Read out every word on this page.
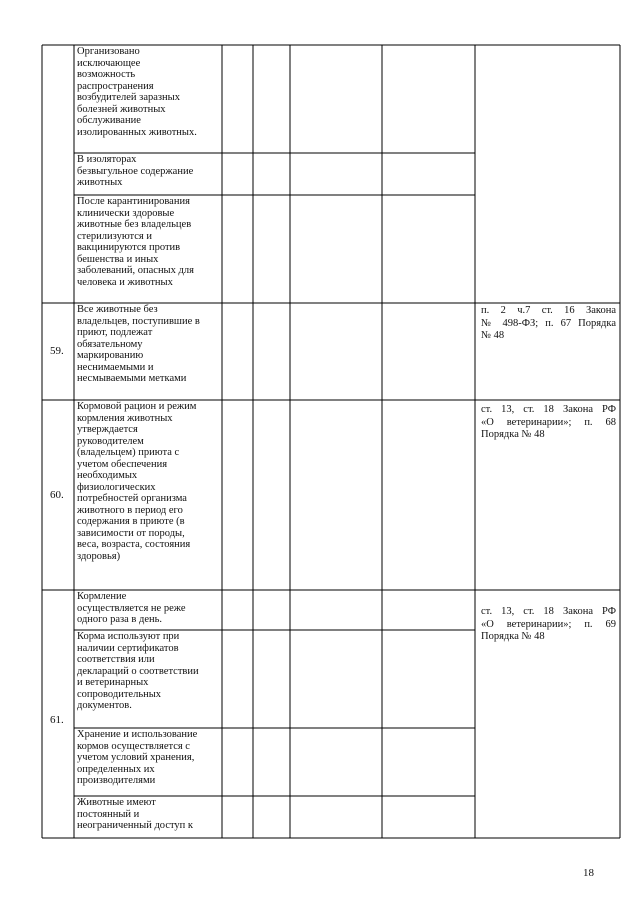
59.
60.
61.
Организовано
исключающее
возможность
распространения
возбудителей заразных
болезней животных
обслуживание
изолированных животных.
В изоляторах
безвыгульное содержание
животных
После карантинирования
клинически здоровые
животные без владельцев
стерилизуются и
вакцинируются против
бешенства и иных
заболеваний, опасных для
человека и животных
Все животные без
владельцев, поступившие в
приют, подлежат
обязательному
маркированию
неснимаемыми и
несмываемыми метками
Кормовой рацион и режим
кормления животных
утверждается
руководителем
(владельцем) приюта с
учетом обеспечения
необходимых
физиологических
потребностей организма
животного в период его
содержания в приюте (в
зависимости от породы,
веса, возраста, состояния
здоровья)
Кормление
осуществляется не реже
одного раза в день.
Корма используют при
наличии сертификатов
соответствия или
деклараций о соответствии
и ветеринарных
сопроводительных
документов.
Хранение и использование
кормов осуществляется с
учетом условий хранения,
определенных их
производителями
Животные имеют
постоянный и
неограниченный доступ к
п. 2 ч.7 ст. 16 Закона
№ 498-ФЗ; п. 67 Порядка
№ 48
ст. 13, ст. 18 Закона РФ
«О ветеринарии»; п. 68
Порядка № 48
ст. 13, ст. 18 Закона РФ
«О ветеринарии»; п. 69
Порядка № 48
18
